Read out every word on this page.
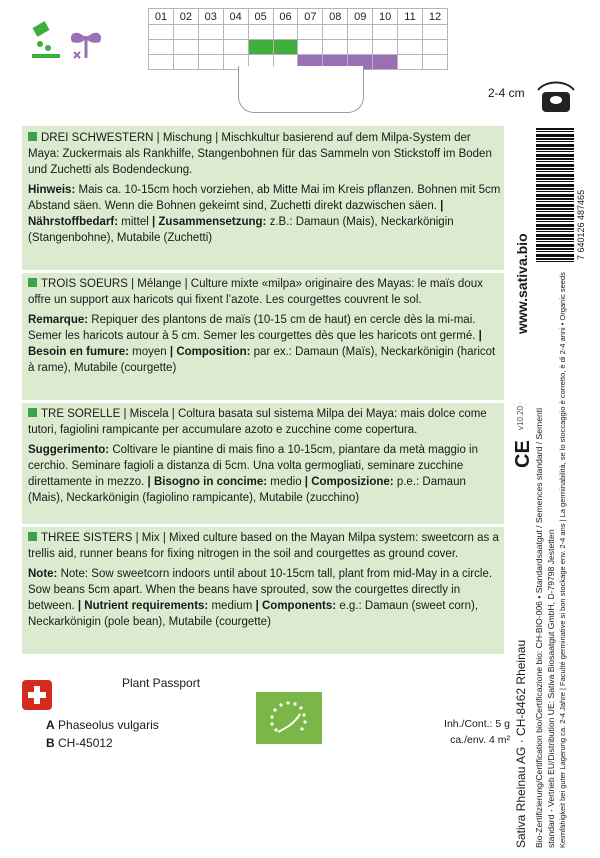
01	02	03	04	05	06	07	08	09	10	11	12

2-4 cm
DREI SCHWESTERN | Mischung | Mischkultur basierend auf dem Milpa-System der Maya: Zuckermais als Rankhilfe, Stangenbohnen für das Sammeln von Stickstoff im Boden und Zuchetti als Bodendeckung.
Hinweis: Mais ca. 10-15cm hoch vorziehen, ab Mitte Mai im Kreis pflanzen. Bohnen mit 5cm Abstand säen. Wenn die Bohnen gekeimt sind, Zuchetti direkt dazwischen säen. | Nährstoffbedarf: mittel | Zusammensetzung: z.B.: Damaun (Mais), Neckarkönigin (Stangenbohne), Mutabile (Zuchetti)
TROIS SOEURS | Mélange | Culture mixte «milpa» originaire des Mayas: le maïs doux offre un support aux haricots qui fixent l’azote. Les courgettes couvrent le sol.
Remarque: Repiquer des plantons de maïs (10-15 cm de haut) en cercle dès la mi-mai. Semer les haricots autour à 5 cm. Semer les courgettes dès que les haricots ont germé. | Besoin en fumure: moyen | Composition: par ex.: Damaun (Maïs), Neckarkönigin (haricot à rame), Mutabile (courgette)
TRE SORELLE | Miscela | Coltura basata sul sistema Milpa dei Maya: mais dolce come tutori, fagiolini rampicante per accumulare azoto e zucchine come copertura.
Suggerimento: Coltivare le piantine di mais fino a 10-15cm, piantare da metà maggio in cerchio. Seminare fagioli a distanza di 5cm. Una volta germogliati, seminare zucchine direttamente in mezzo. | Bisogno in concime: medio | Composizione: p.e.: Damaun (Mais), Neckarkönigin (fagiolino rampicante), Mutabile (zucchino)
THREE SISTERS | Mix | Mixed culture based on the Mayan Milpa system: sweetcorn as a trellis aid, runner beans for fixing nitrogen in the soil and courgettes as ground cover.
Note: Note: Sow sweetcorn indoors until about 10-15cm tall, plant from mid-May in a circle. Sow beans 5cm apart. When the beans have sprouted, sow the courgettes directly in between. | Nutrient requirements: medium | Components: e.g.: Damaun (sweet corn), Neckarkönigin (pole bean), Mutabile (courgette)
www.sativa.bio
v10.20
CE
7 640126 487465
Sativa Rheinau AG · CH-8462 Rheinau Bio-Zertifizierung/Certification bio/Certificazione bio: CH-BIO-006 • Standardsaatgut / Semences standard / Sementi standard - Vertrieb EU/Distribution UE: Sativa Biosaatgut GmbH, D-79798 Jestetten Keimfähigkeit bei guter Lagerung ca. 2-4 Jahre | Faculté germinative si bon stockage env. 2-4 ans | La germinabilità, se lo stoccaggio è corretto, è di 2-4 anni • Organic seeds
Plant Passport
A Phaseolus vulgaris
B CH-45012
Inh./Cont.: 5 g
ca./env. 4 m²
